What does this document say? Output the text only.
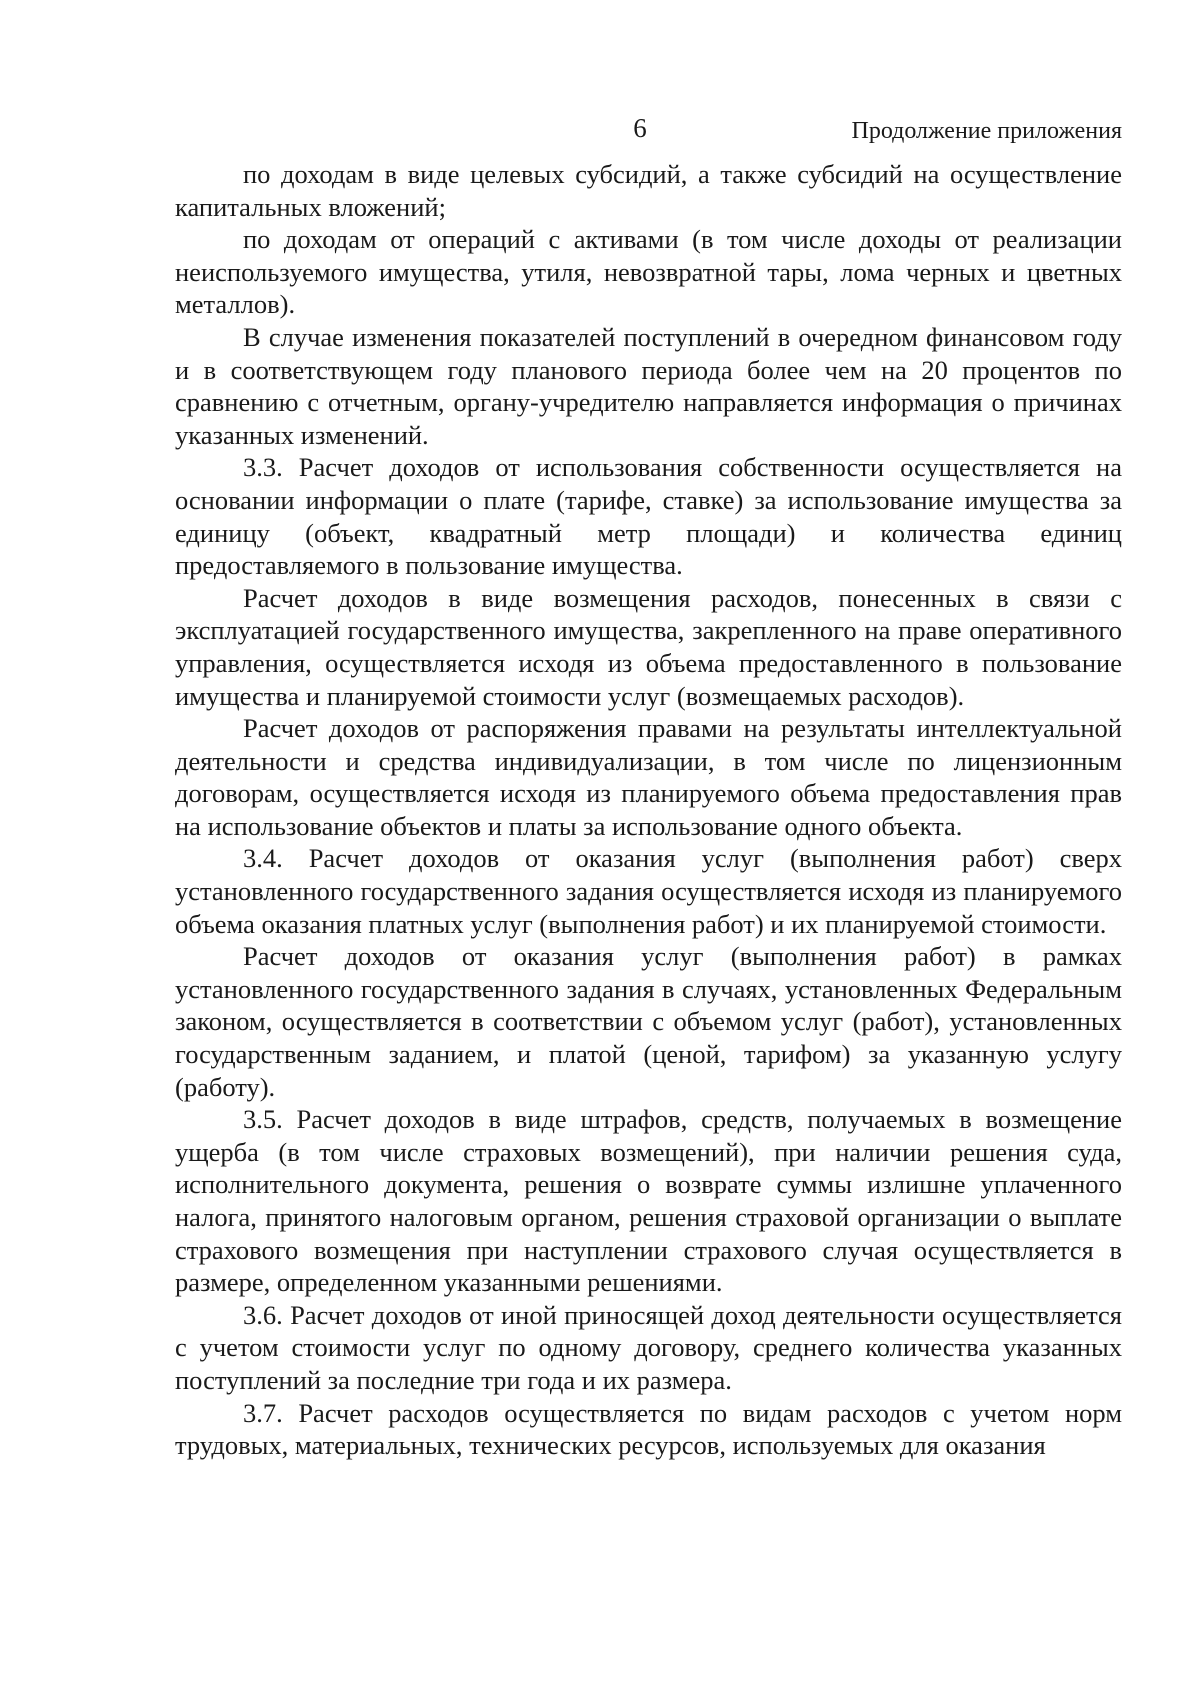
6	Продолжение приложения

по доходам в виде целевых субсидий, а также субсидий на осуществление капитальных вложений;

по доходам от операций с активами (в том числе доходы от реализации неиспользуемого имущества, утиля, невозвратной тары, лома черных и цветных металлов).

В случае изменения показателей поступлений в очередном финансовом году и в соответствующем году планового периода более чем на 20 процентов по сравнению с отчетным, органу-учредителю направляется информация о причинах указанных изменений.

3.3. Расчет доходов от использования собственности осуществляется на основании информации о плате (тарифе, ставке) за использование имущества за единицу (объект, квадратный метр площади) и количества единиц предоставляемого в пользование имущества.

Расчет доходов в виде возмещения расходов, понесенных в связи с эксплуатацией государственного имущества, закрепленного на праве оперативного управления, осуществляется исходя из объема предоставленного в пользование имущества и планируемой стоимости услуг (возмещаемых расходов).

Расчет доходов от распоряжения правами на результаты интеллектуальной деятельности и средства индивидуализации, в том числе по лицензионным договорам, осуществляется исходя из планируемого объема предоставления прав на использование объектов и платы за использование одного объекта.

3.4. Расчет доходов от оказания услуг (выполнения работ) сверх установленного государственного задания осуществляется исходя из планируемого объема оказания платных услуг (выполнения работ) и их планируемой стоимости.

Расчет доходов от оказания услуг (выполнения работ) в рамках установленного государственного задания в случаях, установленных Федеральным законом, осуществляется в соответствии с объемом услуг (работ), установленных государственным заданием, и платой (ценой, тарифом) за указанную услугу (работу).

3.5. Расчет доходов в виде штрафов, средств, получаемых в возмещение ущерба (в том числе страховых возмещений), при наличии решения суда, исполнительного документа, решения о возврате суммы излишне уплаченного налога, принятого налоговым органом, решения страховой организации о выплате страхового возмещения при наступлении страхового случая осуществляется в размере, определенном указанными решениями.

3.6. Расчет доходов от иной приносящей доход деятельности осуществляется с учетом стоимости услуг по одному договору, среднего количества указанных поступлений за последние три года и их размера.

3.7. Расчет расходов осуществляется по видам расходов с учетом норм трудовых, материальных, технических ресурсов, используемых для оказания
